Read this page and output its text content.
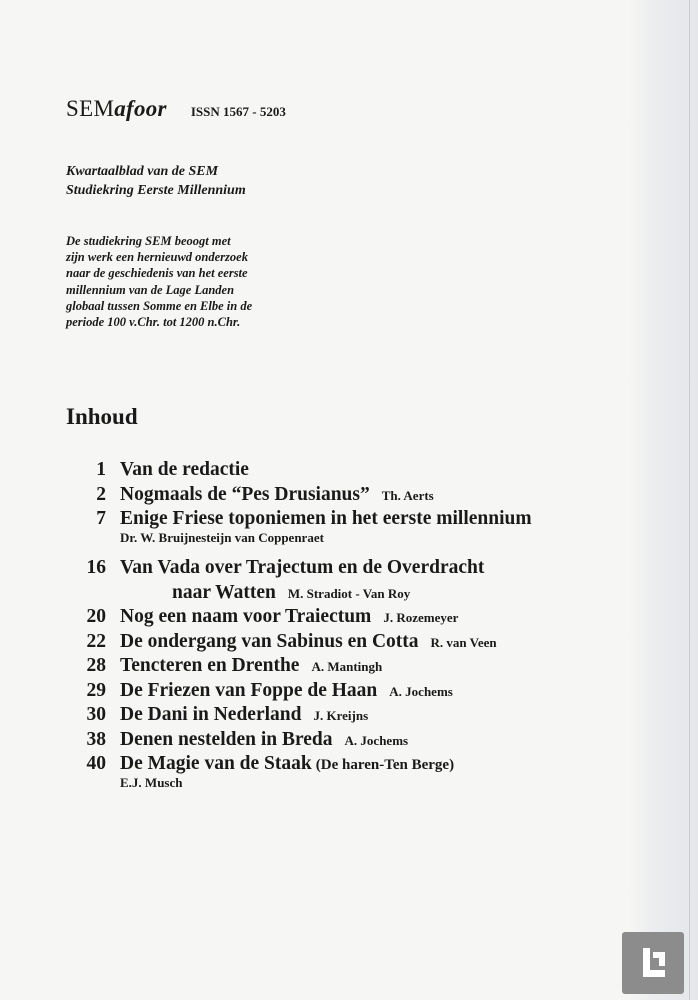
SEMafoor ISSN 1567 - 5203
Kwartaalblad van de SEM
Studiekring Eerste Millennium
De studiekring SEM beoogt met
zijn werk een hernieuwd onderzoek
naar de geschiedenis van het eerste
millennium van de Lage Landen
globaal tussen Somme en Elbe in de
periode 100 v.Chr. tot 1200 n.Chr.
Inhoud
1 Van de redactie
2 Nogmaals de “Pes Drusianus” Th. Aerts
7 Enige Friese toponiemen in het eerste millennium
Dr. W. Bruijnesteijn van Coppenraet
16 Van Vada over Trajectum en de Overdracht
naar Watten M. Stradiot - Van Roy
20 Nog een naam voor Traiectum J. Rozemeyer
22 De ondergang van Sabinus en Cotta R. van Veen
28 Tencteren en Drenthe A. Mantingh
29 De Friezen van Foppe de Haan A. Jochems
30 De Dani in Nederland J. Kreijns
38 Denen nestelden in Breda A. Jochems
40 De Magie van de Staak (De haren-Ten Berge)
E.J. Musch
